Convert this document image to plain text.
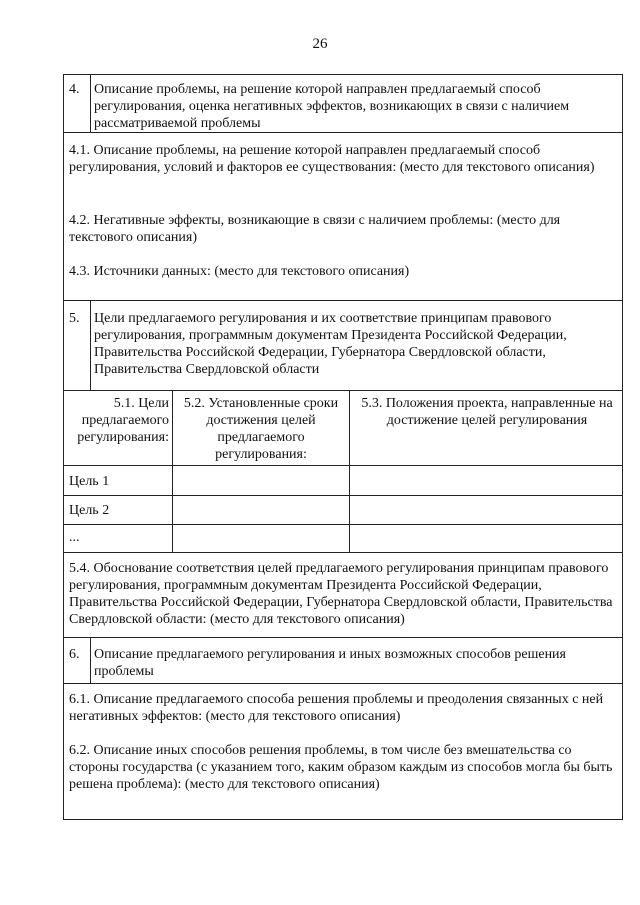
26
4. Описание проблемы, на решение которой направлен предлагаемый способ регулирования, оценка негативных эффектов, возникающих в связи с наличием рассматриваемой проблемы
4.1. Описание проблемы, на решение которой направлен предлагаемый способ регулирования, условий и факторов ее существования: (место для текстового описания)
4.2. Негативные эффекты, возникающие в связи с наличием проблемы: (место для текстового описания)
4.3. Источники данных: (место для текстового описания)
5. Цели предлагаемого регулирования и их соответствие принципам правового регулирования, программным документам Президента Российской Федерации, Правительства Российской Федерации, Губернатора Свердловской области, Правительства Свердловской области
5.1. Цели предлагаемого регулирования:
5.2. Установленные сроки достижения целей предлагаемого регулирования:
5.3. Положения проекта, направленные на достижение целей регулирования
Цель 1
Цель 2
...
5.4. Обоснование соответствия целей предлагаемого регулирования принципам правового регулирования, программным документам Президента Российской Федерации, Правительства Российской Федерации, Губернатора Свердловской области, Правительства Свердловской области: (место для текстового описания)
6. Описание предлагаемого регулирования и иных возможных способов решения проблемы
6.1. Описание предлагаемого способа решения проблемы и преодоления связанных с ней негативных эффектов: (место для текстового описания)
6.2. Описание иных способов решения проблемы, в том числе без вмешательства со стороны государства (с указанием того, каким образом каждым из способов могла бы быть решена проблема): (место для текстового описания)
